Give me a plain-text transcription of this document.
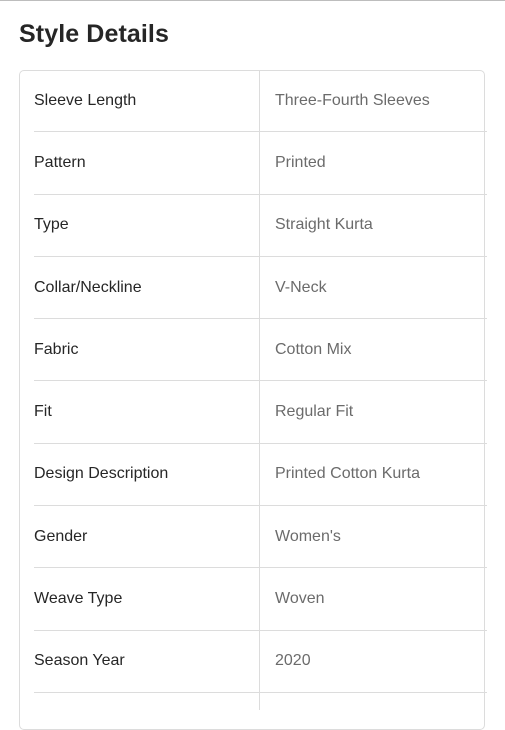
Style Details
Sleeve Length	Three-Fourth Sleeves
Pattern	Printed
Type	Straight Kurta
Collar/Neckline	V-Neck
Fabric	Cotton Mix
Fit	Regular Fit
Design Description	Printed Cotton Kurta
Gender	Women's
Weave Type	Woven
Season Year	2020
